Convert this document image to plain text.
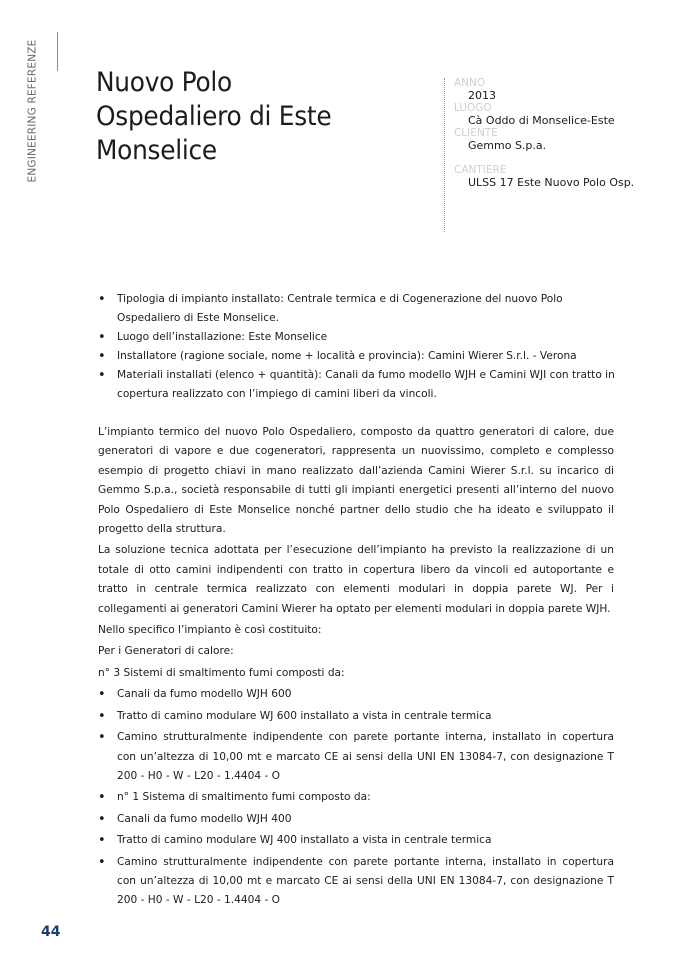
ENGINEERING REFERENZE Nuovo Polo
Ospedaliero di Este
Monselice
ANNO
2013
LUOGO
Cà Oddo di Monselice-Este
CLIENTE
Gemmo S.p.a.
CANTIERE
ULSS 17 Este Nuovo Polo Osp.
• Tipologia di impianto installato: Centrale termica e di Cogenerazione del nuovo Polo Ospedaliero di Este Monselice.
• Luogo dell’installazione: Este Monselice
• Installatore (ragione sociale, nome + località e provincia): Camini Wierer S.r.l. - Verona
• Materiali installati (elenco + quantità): Canali da fumo modello WJH e Camini WJI con tratto in copertura realizzato con l’impiego di camini liberi da vincoli.

L’impianto termico del nuovo Polo Ospedaliero, composto da quattro generatori di calore, due generatori di vapore e due cogeneratori, rappresenta un nuovissimo, completo e complesso esempio di progetto chiavi in mano realizzato dall’azienda Camini Wierer S.r.l. su incarico di Gemmo S.p.a., società responsabile di tutti gli impianti energetici presenti all’interno del nuovo Polo Ospedaliero di Este Monselice nonché partner dello studio che ha ideato e sviluppato il progetto della struttura.

La soluzione tecnica adottata per l’esecuzione dell’impianto ha previsto la realizzazione di un totale di otto camini indipendenti con tratto in copertura libero da vincoli ed autoportante e tratto in centrale termica realizzato con elementi modulari in doppia parete WJ. Per i collegamenti ai generatori Camini Wierer ha optato per elementi modulari in doppia parete WJH.

Nello specifico l’impianto è così costituito:

Per i Generatori di calore:

n° 3 Sistemi di smaltimento fumi composti da:

• Canali da fumo modello WJH 600

• Tratto di camino modulare WJ 600 installato a vista in centrale termica

• Camino strutturalmente indipendente con parete portante interna, installato in copertura con un’altezza di 10,00 mt e marcato CE ai sensi della UNI EN 13084-7, con designazione T 200 - H0 - W - L20 - 1.4404 - O

• n° 1 Sistema di smaltimento fumi composto da:

• Canali da fumo modello WJH 400

• Tratto di camino modulare WJ 400 installato a vista in centrale termica

• Camino strutturalmente indipendente con parete portante interna, installato in copertura con un’altezza di 10,00 mt e marcato CE ai sensi della UNI EN 13084-7, con designazione T 200 - H0 - W - L20 - 1.4404 - O

44
